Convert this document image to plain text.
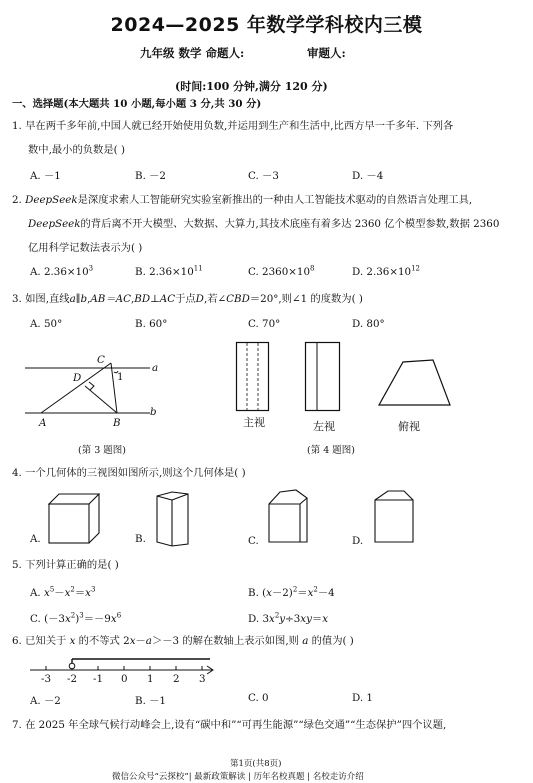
2024—2025 年数学学科校内三模
九年级 数学 命题人:	审题人:
(时间:100 分钟,满分 120 分)
一、选择题(本大题共 10 小题,每小题 3 分,共 30 分)
1. 早在两千多年前,中国人就已经开始使用负数,并运用到生产和生活中,比西方早一千多年. 下列各
数中,最小的负数是( )
A. －1	B. －2	C. －3	D. －4
2. DeepSeek是深度求索人工智能研究实验室新推出的一种由人工智能技术驱动的自然语言处理工具,
DeepSeek的背后离不开大模型、大数据、大算力,其技术底座有着多达 2360 亿个模型参数,数据 2360
亿用科学记数法表示为( )
A. $2.36\times 10^3$	B. $2.36\times 10^{11}$	C. $2360\times 10^8$	D. $2.36\times 10^{12}$
3. 如图,直线a∥b,AB＝AC,BD⊥AC于点D,若∠CBD＝20°,则∠1 的度数为( )
A. 50°	B. 60°	C. 70°	D. 80°
C
D	1
a
A	B
b
(第 3 题图)
主视	左视	俯视
(第 4 题图)
4. 一个几何体的三视图如图所示,则这个几何体是( )
A.	B.	C.	D.
5. 下列计算正确的是( )
A. $x^5-x^2=x^3$	B. $(x-2)^2=x^2-4$
C. $(-3x^2)^3=-9x^6$	D. $3x^2y\div 3xy=x$
6. 已知关于 x 的不等式 2x－a＞－3 的解在数轴上表示如图,则 a 的值为( )
-3 -2 -1 0 1 2 3
A. －2	B. －1	C. 0	D. 1
7. 在 2025 年全球气候行动峰会上,设有“碳中和”“可再生能源”“绿色交通”“生态保护”四个议题,
第1页(共8页)
微信公众号“云探校”| 最新政策解读 | 历年名校真题 | 名校走访介绍
